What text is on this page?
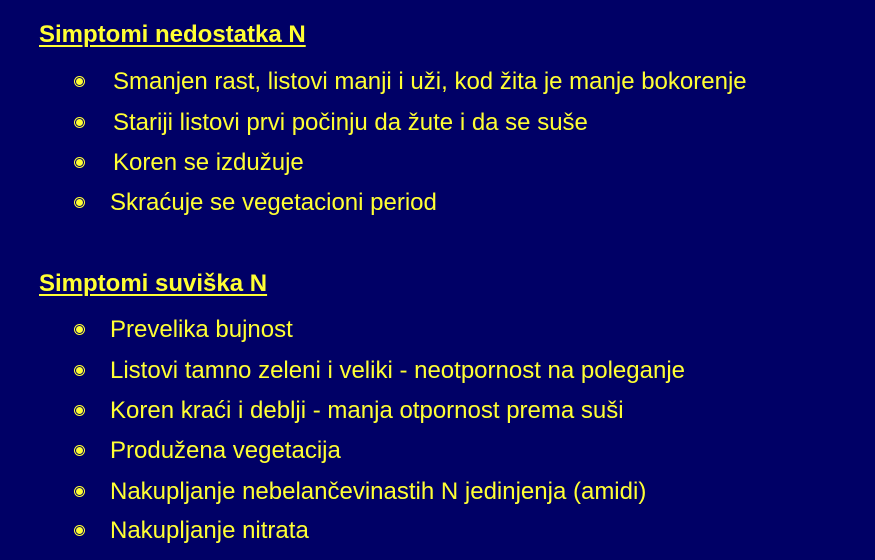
Simptomi nedostatka N
Smanjen rast, listovi manji i uži, kod žita je manje bokorenje
Stariji listovi prvi počinju da žute i da se suše
Koren se izdužuje
Skraćuje se vegetacioni period
Simptomi suviška N
Prevelika bujnost
Listovi tamno zeleni i veliki - neotpornost na poleganje
Koren kraći i deblji - manja otpornost prema suši
Produžena vegetacija
Nakupljanje nebelančevinastih N jedinjenja (amidi)
Nakupljanje nitrata
